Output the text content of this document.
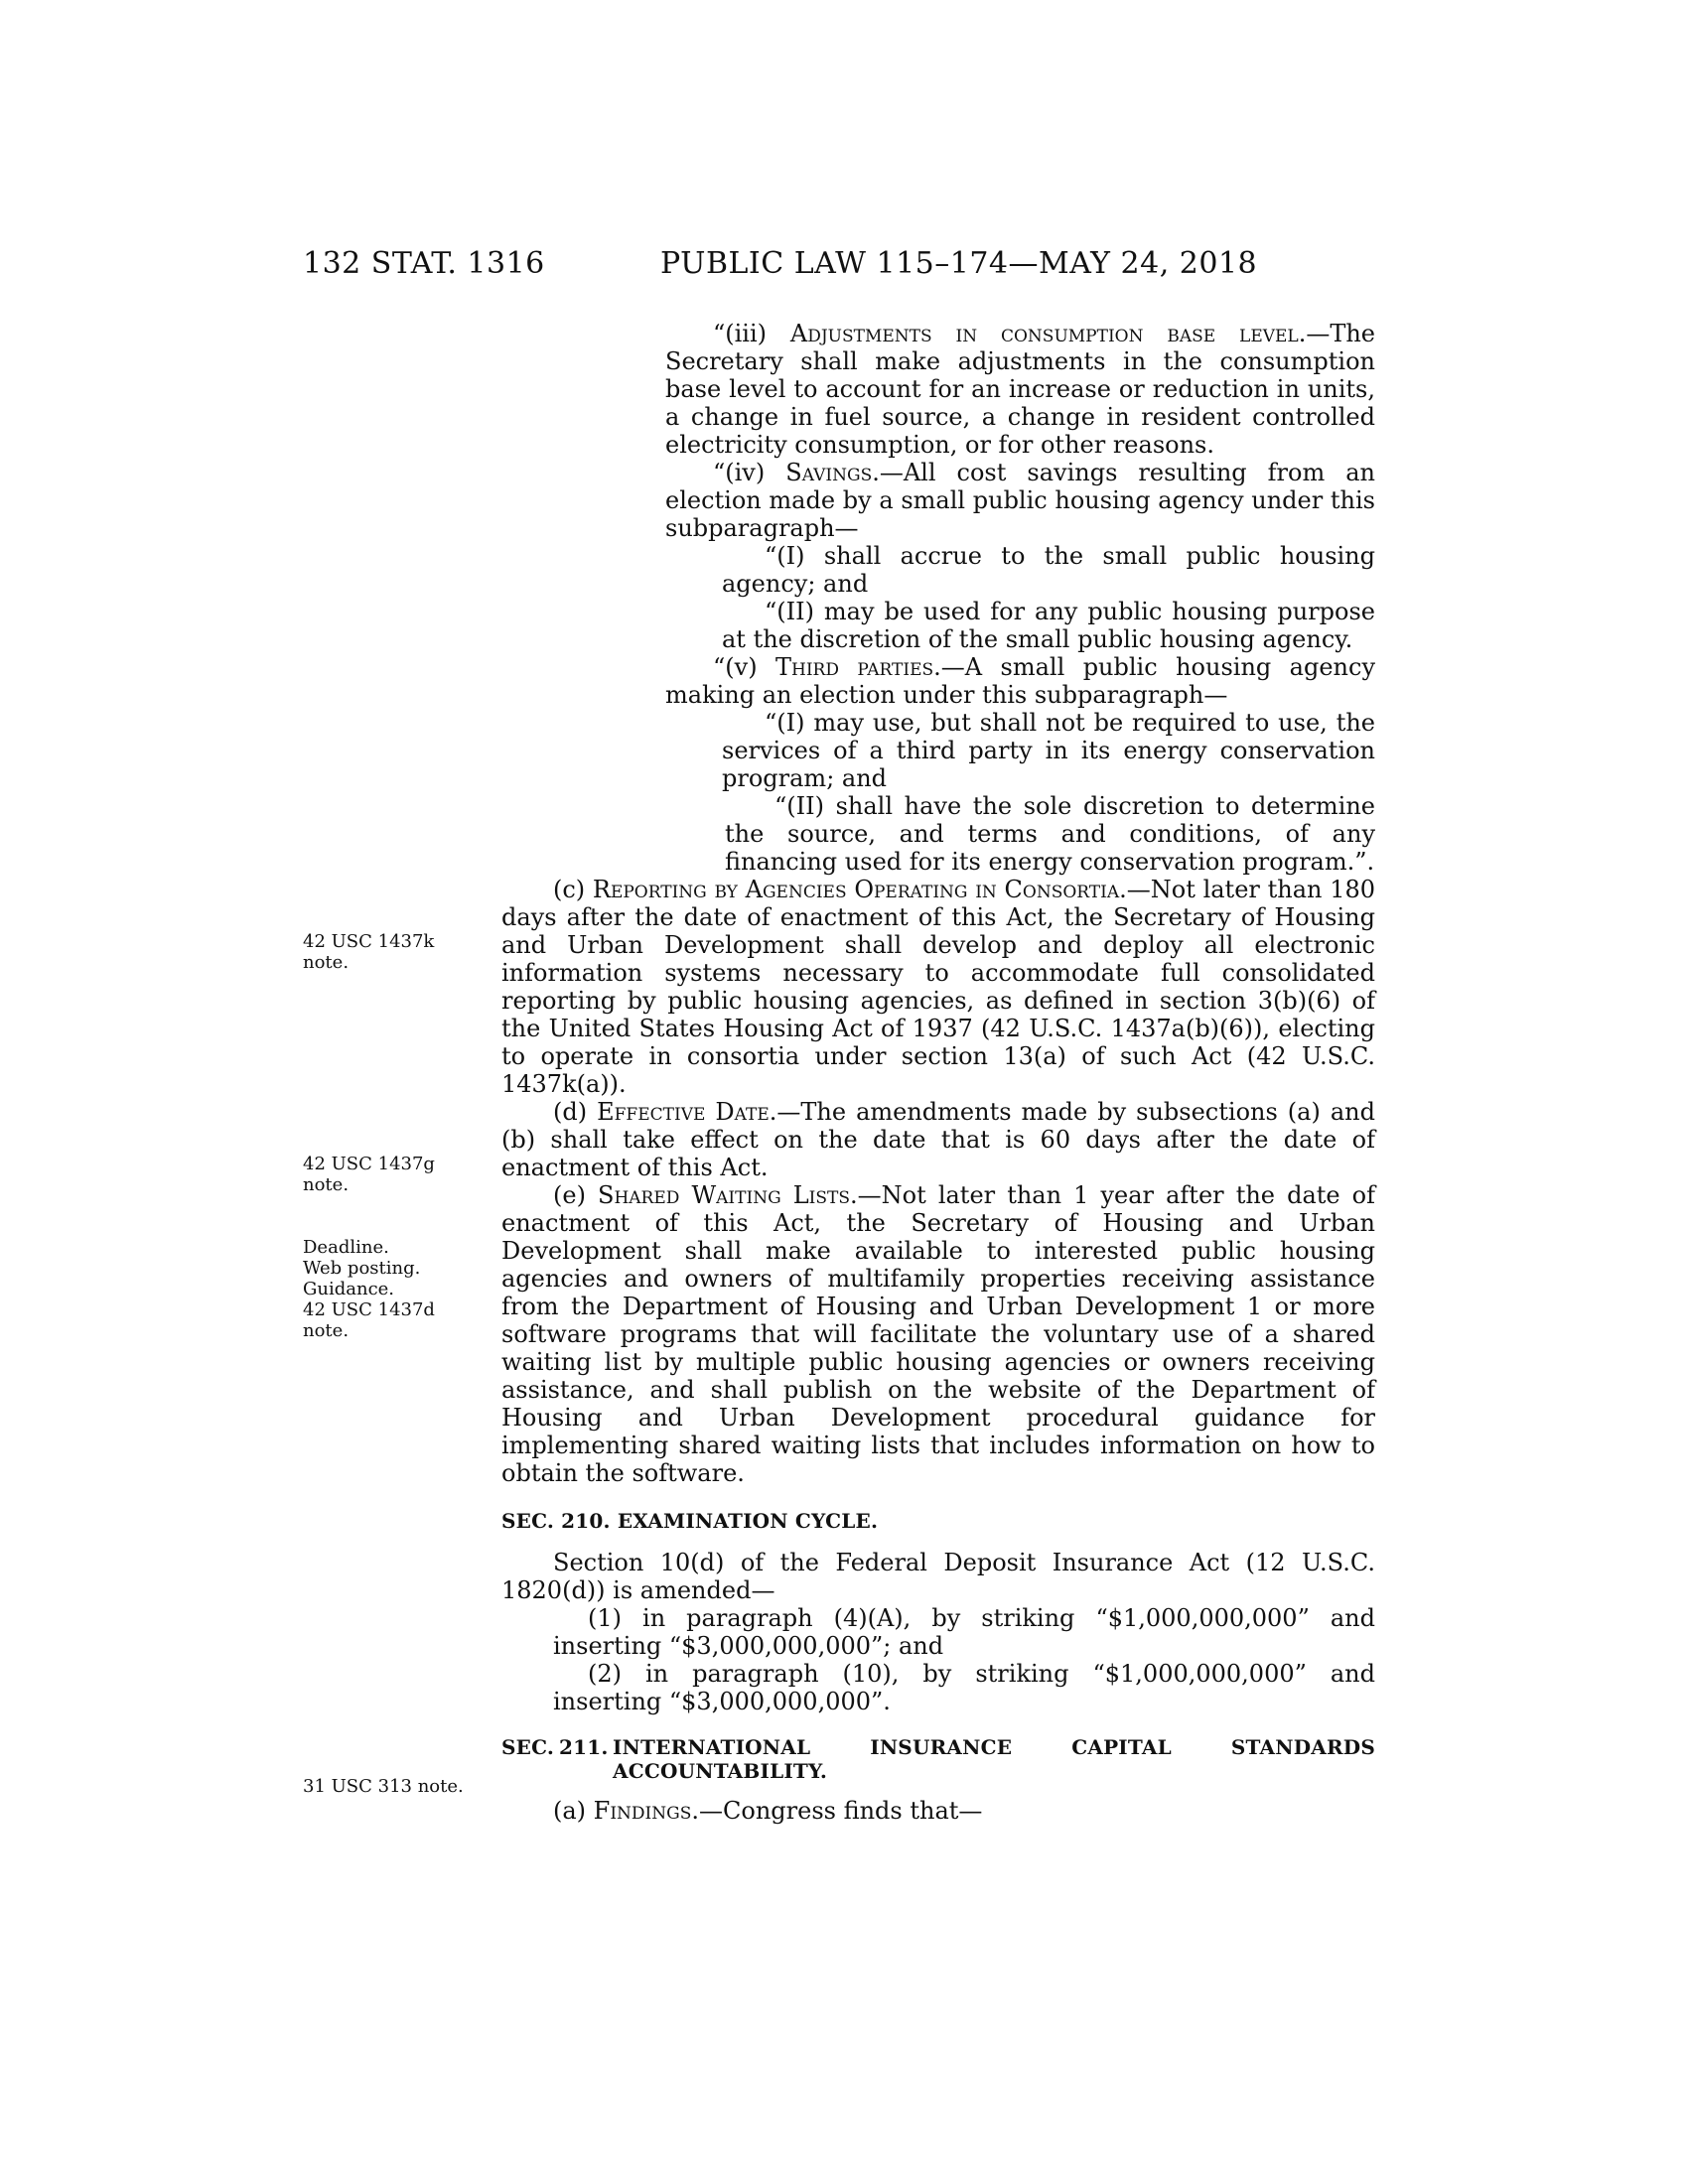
132 STAT. 1316	PUBLIC LAW 115–174—MAY 24, 2018
42 USC 1437k
note.
42 USC 1437g
note.
Deadline.
Web posting.
Guidance.
42 USC 1437d
note.
31 USC 313 note.

“(iii) Adjustments in consumption base level.—The Secretary shall make adjustments in the consumption base level to account for an increase or reduction in units, a change in fuel source, a change in resident controlled electricity consumption, or for other reasons.

“(iv) Savings.—All cost savings resulting from an election made by a small public housing agency under this subparagraph—

“(I) shall accrue to the small public housing agency; and

“(II) may be used for any public housing purpose at the discretion of the small public housing agency.

“(v) Third parties.—A small public housing agency making an election under this subparagraph—

“(I) may use, but shall not be required to use, the services of a third party in its energy conservation program; and

“(II) shall have the sole discretion to determine the source, and terms and conditions, of any financing used for its energy conservation program.”.

(c) Reporting by Agencies Operating in Consortia.—Not later than 180 days after the date of enactment of this Act, the Secretary of Housing and Urban Development shall develop and deploy all electronic information systems necessary to accommodate full consolidated reporting by public housing agencies, as defined in section 3(b)(6) of the United States Housing Act of 1937 (42 U.S.C. 1437a(b)(6)), electing to operate in consortia under section 13(a) of such Act (42 U.S.C. 1437k(a)).

(d) Effective Date.—The amendments made by subsections (a) and (b) shall take effect on the date that is 60 days after the date of enactment of this Act.

(e) Shared Waiting Lists.—Not later than 1 year after the date of enactment of this Act, the Secretary of Housing and Urban Development shall make available to interested public housing agencies and owners of multifamily properties receiving assistance from the Department of Housing and Urban Development 1 or more software programs that will facilitate the voluntary use of a shared waiting list by multiple public housing agencies or owners receiving assistance, and shall publish on the website of the Department of Housing and Urban Development procedural guidance for implementing shared waiting lists that includes information on how to obtain the software.

SEC. 210. EXAMINATION CYCLE.

Section 10(d) of the Federal Deposit Insurance Act (12 U.S.C. 1820(d)) is amended—

(1) in paragraph (4)(A), by striking “$1,000,000,000” and inserting “$3,000,000,000”; and

(2) in paragraph (10), by striking “$1,000,000,000” and inserting “$3,000,000,000”.

SEC. 211. INTERNATIONAL INSURANCE CAPITAL STANDARDS
ACCOUNTABILITY.

(a) Findings.—Congress finds that—
